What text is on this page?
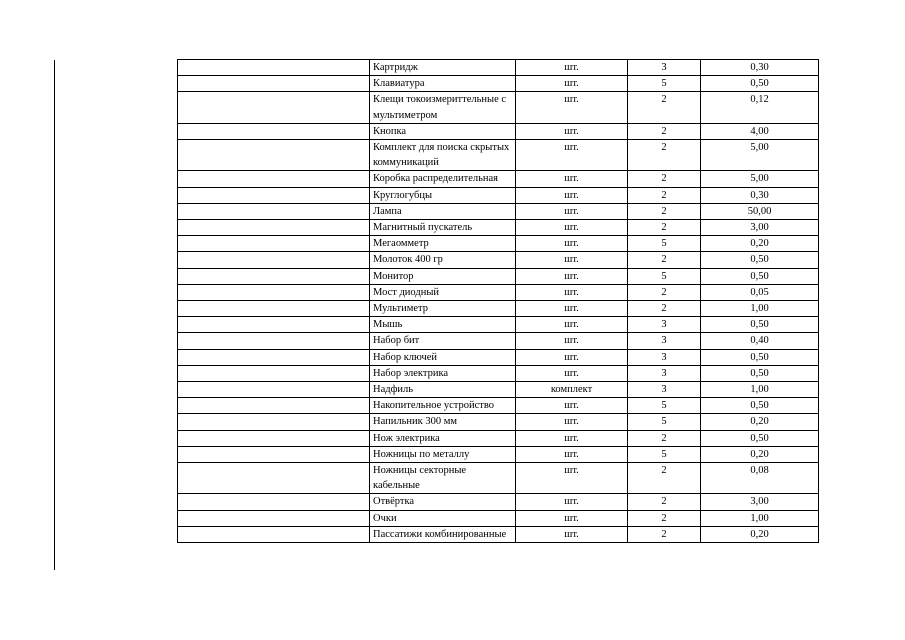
	Картридж	шт.	3	0,30
	Клавиатура	шт.	5	0,50
	Клещи токоизмериттельные с мультиметром	шт.	2	0,12
	Кнопка	шт.	2	4,00
	Комплект для поиска скрытых коммуникаций	шт.	2	5,00
	Коробка распределительная	шт.	2	5,00
	Круглогубцы	шт.	2	0,30
	Лампа	шт.	2	50,00
	Магнитный пускатель	шт.	2	3,00
	Мегаомметр	шт.	5	0,20
	Молоток 400 гр	шт.	2	0,50
	Монитор	шт.	5	0,50
	Мост диодный	шт.	2	0,05
	Мультиметр	шт.	2	1,00
	Мышь	шт.	3	0,50
	Набор бит	шт.	3	0,40
	Набор ключей	шт.	3	0,50
	Набор электрика	шт.	3	0,50
	Надфиль	комплект	3	1,00
	Накопительное устройство	шт.	5	0,50
	Напильник 300 мм	шт.	5	0,20
	Нож электрика	шт.	2	0,50
	Ножницы по металлу	шт.	5	0,20
	Ножницы секторные кабельные	шт.	2	0,08
	Отвёртка	шт.	2	3,00
	Очки	шт.	2	1,00
	Пассатижи комбинированные	шт.	2	0,20
